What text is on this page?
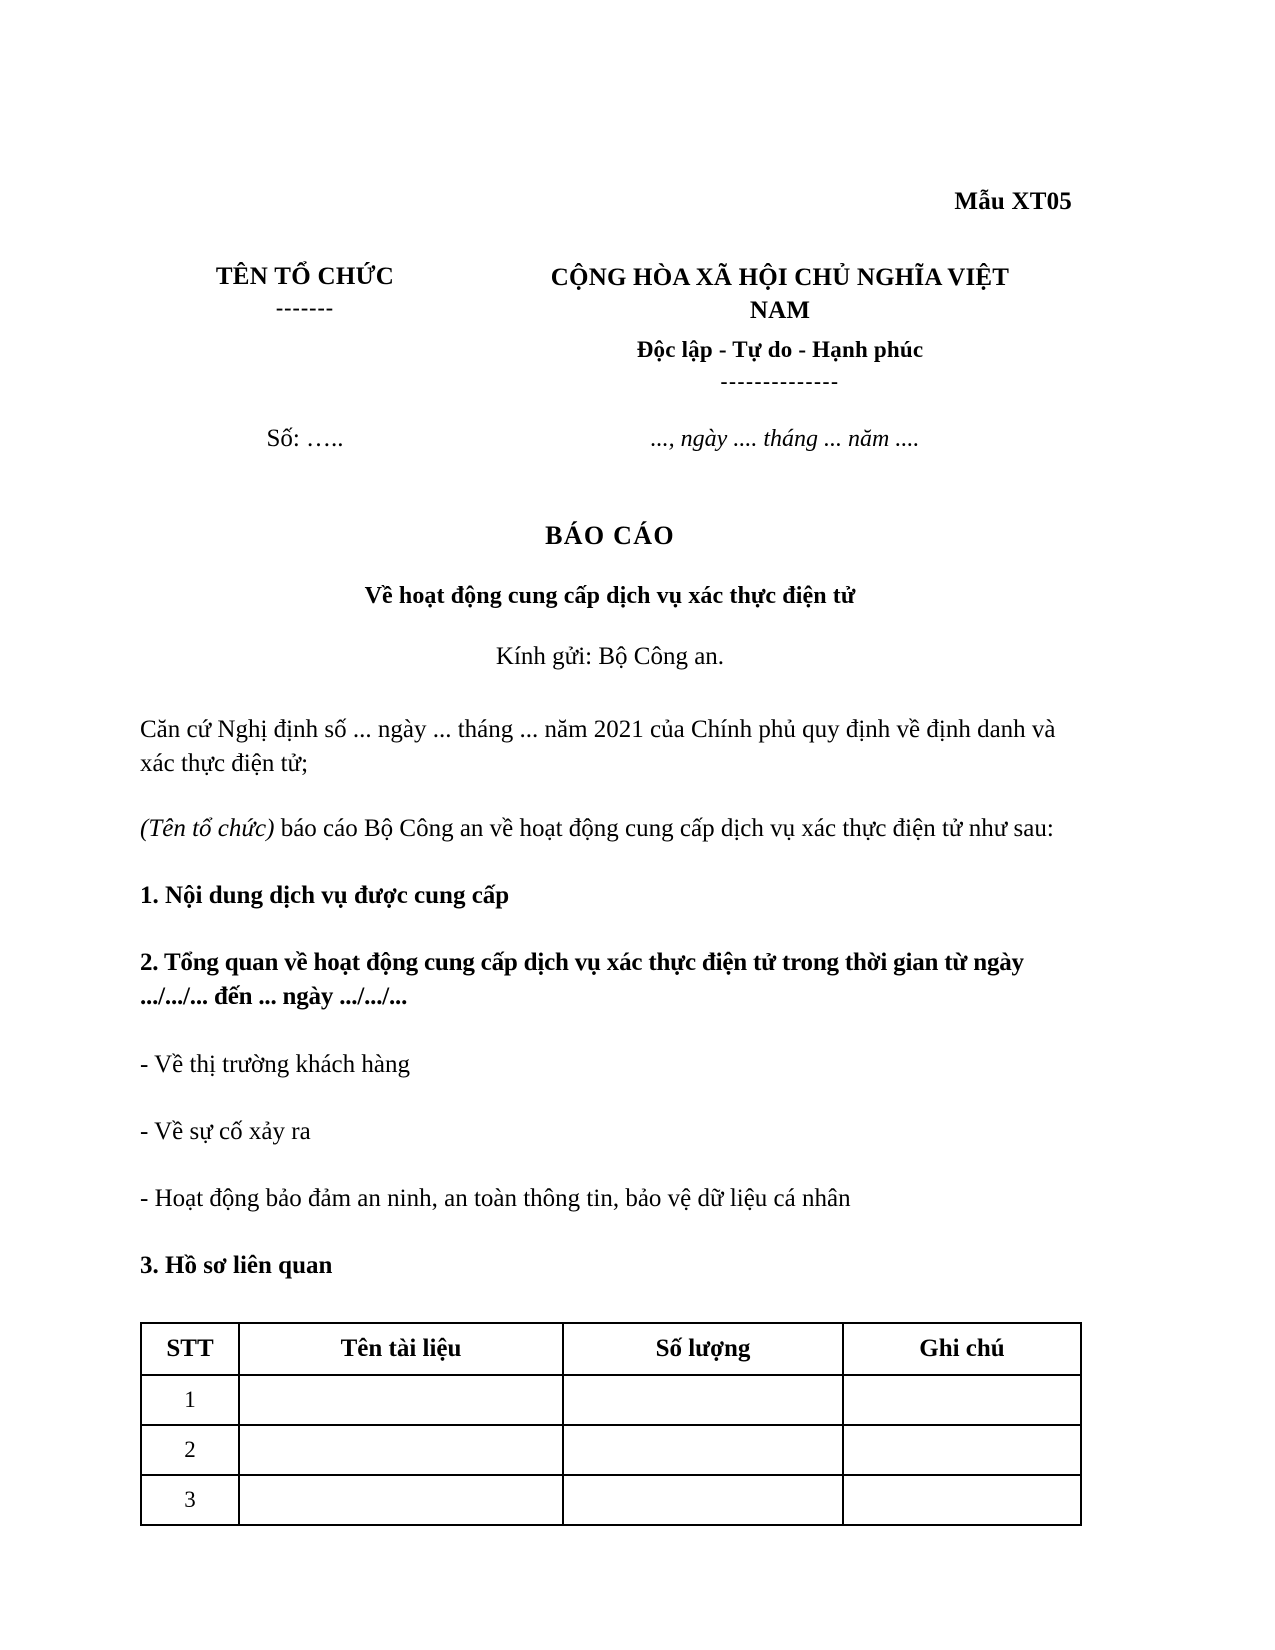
Mẫu XT05
TÊN TỔ CHỨC
-------
CỘNG HÒA XÃ HỘI CHỦ NGHĨA VIỆT NAM
Độc lập - Tự do - Hạnh phúc
--------------
Số: …..	..., ngày .... tháng ... năm ....
BÁO CÁO
Về hoạt động cung cấp dịch vụ xác thực điện tử
Kính gửi: Bộ Công an.

Căn cứ Nghị định số ... ngày ... tháng ... năm 2021 của Chính phủ quy định về định danh và xác thực điện tử;

(Tên tổ chức) báo cáo Bộ Công an về hoạt động cung cấp dịch vụ xác thực điện tử như sau:

1. Nội dung dịch vụ được cung cấp
2. Tổng quan về hoạt động cung cấp dịch vụ xác thực điện tử trong thời gian từ ngày .../.../... đến ... ngày .../.../...
- Về thị trường khách hàng
- Về sự cố xảy ra
- Hoạt động bảo đảm an ninh, an toàn thông tin, bảo vệ dữ liệu cá nhân
3. Hồ sơ liên quan
STT	Tên tài liệu	Số lượng	Ghi chú
1			
2			
3			
